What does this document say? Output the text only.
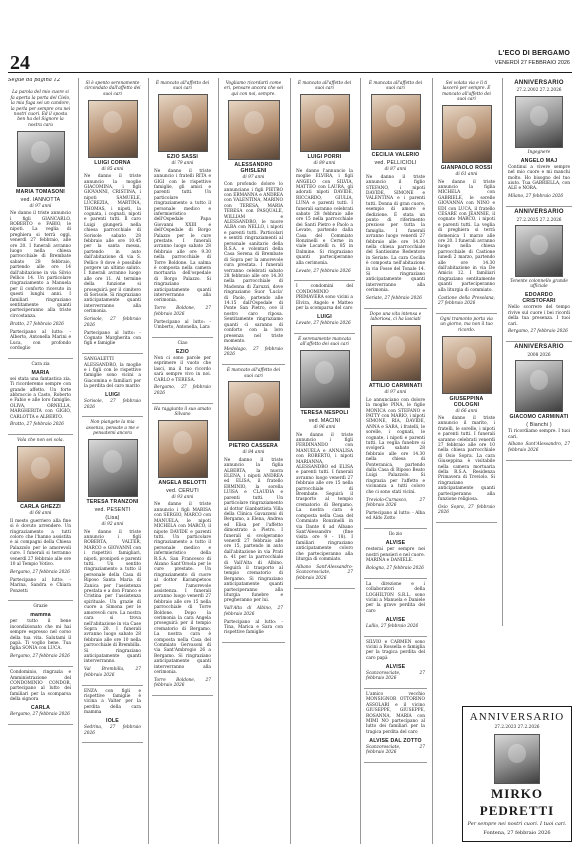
24	L'ECO DI BERGAMO
VENERDÌ 27 FEBBRAIO 2026
Segue da pagina 12

La parola del mio cuore si fa aperta la porta del Cielo, la mia fuga sei un candore, la perla per sempre ora nei nostri cuori. Ed il sposta ben ha del Signore la nostra cara

MARIA TOMASONI
ved. IANNOTTA
di 97 anni

Ne danno il triste annuncio i figli GIANCARLO, ROBERTO e FABIO, le nipoti. La veglia di preghiera si terrà oggi, venerdì 27 febbraio, alle ore 20. I funerali avranno luogo nella chiesa parrocchiale di Brembate sabato 28 febbraio, partendo alle ore 14 dall'abitazione in via Silvio Pellico 14. Un particolare ringraziamento a Manuela per il conforto ricevuto in questi lunghi anni. I familiari ringraziano sentitamente quanti parteciperanno alla triste circostanza.

Bratto, 27 febbraio 2026

Partecipano al lutto: - Alberto, Antonella Marini e Luca, con profondo cordoglio

Cara zia

MARIA

sei stata una fantastica zia. Ti ricorderemo sempre con grande affetto. Un forte abbraccio a Casto, Roberto e Fabio e alle loro famiglie. OLIVA, ORNELLA, MARGHERITA con GIGIO, CARLOTTA e ALBERTO.

Bratto, 27 febbraio 2026

Vola che non sei sola.

CARLA GHEZZI
di 68 anni

Il mesto guerriero alla fine si è dovuto arrendere. Un ringraziamento a tutti coloro che l'hanno assistita e ai compagni della Chiesa Palazzolo per le amorevoli cure. I funerali si terranno venerdì 27 febbraio alle ore 10 al Tempio Votivo.

Bergamo, 27 febbraio 2026

Partecipano al lutto: - Marina, Sandra e Chiara Ponzetti

Grazie

mamma

per tutto il bene incondizionato che mi hai sempre espresso nel corso della tua vita. Salutami il papà. Ti voglio bene. Tua figlia SONIA con LUCA.

Bergamo, 27 febbraio 2026

Condominio, ringrazia e Amministrazione del CONDOMINIO CONDOR, partecipano al lutto dei familiari per la scomparsa della signora

CARLA

Bergamo, 27 febbraio 2026

Si è spento serenamente circondato dall'affetto dei suoi cari

LUIGI CORNA
di 85 anni

Ne danno il triste annuncio la moglie GIACOMINA, i figli GIOVANNI, CRISTINA, i nipoti SAMUELE, LUCREZIA, MARTINA, THOMAS, i nipoti, la cognata, i cognati, nipoti e parenti tutti. Il caro Luigi giungerà nella chiesa parrocchiale di Sorisole sabato 28 febbraio alle ore 10.45 per la santa messa, partendo in auto dall'abitazione di via S. Pellico 8 dove è possibile porgere un ultimo saluto. I funerali avranno luogo alle ore 11. Al termine della funzione si proseguirà per il cimitero di Sorisole. Si ringraziano anticipatamente quanti interverranno alla cerimonia.

Sorisole, 27 febbraio 2026

Partecipano al lutto: - Cognato Margherita con figli e famiglie

SANGALETTI ALESSANDRO, la moglie e i figli con le rispettive famiglie sono vicini a Giacomina e familiari per la perdita del caro marito

LUIGI

Sorisole, 27 febbraio 2026

Non piangete la mia assenza, pensate a me e pensatemi ancora

TERESA TRANZONI
ved. PESENTI
(Lisa)
di 92 anni

Ne danno il triste annuncio i figli ROBERTA, VALTER, MARCO e GIOVANNI con i rispettivi famigliari, nipoti, pronipoti e parenti tutti. Un sentito ringraziamento a tutto il personale della Casa di Riposo Santa Maria di Zanica per l'assistenza prestata e a don Franco e Cristina per l'assistenza spirituale. Un grazie di cuore a Simona per le amorevoli cure. La nostra cara si trova nell'abitazione in via Case Sopra 20. I funerali avranno luogo sabato 28 febbraio alle ore 10 nella parrocchiale di Brembilla. Si ringraziano anticipatamente quanti interverranno.

Val Brembilla, 27 febbraio 2026

ENZA con figli e rispettive famiglie è vicina a Valter per la perdita della cara mamma

IOLE

Sedrina, 27 febbraio 2026

È mancato all'affetto dei suoi cari

EZIO SASSI
di 79 anni

Ne danno il triste annuncio i fratelli RITA e GIGI con le rispettive famiglie, gli amici e parenti tutti. Un particolare ringraziamento a tutto il personale medico e infermieristico dell'Ospedale Papa Giovanni XXIII e dell'Ospedale di Borgo Palazzo per le cure prestate. I funerali avranno luogo sabato 28 febbraio alle ore 9.30 nella parrocchiale di Torre Boldone. La salma è composta nella camera mortuaria dell'ospedale di Borgo Palazzo. Si ringraziano anticipatamente quanti interverranno alla cerimonia.

Torre Boldone, 27 febbraio 2026

Partecipano al lutto: - Umberto, Antonella, Lara

Ciao

EZIO

Non ci sono parole per esprimere il vuoto che lasci, ma il tuo ricordo sarà sempre vivo in noi. CARLO e TERESA.

Bergamo, 27 febbraio 2026

Ha raggiunto il suo amato Silvano

ANGELA BELOTTI
ved. CERUTI
di 93 anni

Ne danno il triste annuncio i figli MARISA con SERGIO, MARCO con MANUELA, le nipoti MICHELA con MARCO, il nipote DAVIDE e parenti tutti. Un particolare ringraziamento a tutto il personale medico e infermieristico della R.S.A. San Francesco di Alzano Sant'Orsola per le cure prestate. Un ringraziamento di cuore al dottor Karampetsos per l'amorevole assistenza. I funerali avranno luogo venerdì 27 febbraio alle ore 15 nella parrocchiale di Torre Boldone. Dopo la cerimonia la cara Angela proseguirà per il tempio crematorio di Bergamo. La nostra cara è composta nella Casa del Commiato Gervasoni di via Sant'Ambrogio 26 a Bergamo. Si ringraziano anticipatamente quanti interverranno alla cerimonia.

Torre Boldone, 27 febbraio 2026

Vogliamo ricordarti come eri, pensare ancora che sei qui con noi, sempre.

ALESSANDRO GHISLENI
di 97 anni

Con profondo dolore lo annunciano i figli PIETRO con ERMANNA e ANDREA con VALENTINA, MARINO con TERESA, MARIA TERESA con PASQUALE, WILLIAM e ALESSANDRO, le nuore ALBA con NELLO, i nipoti e parenti tutti. Particolari e sentiti ringraziamenti al personale sanitario della R.S.A. e volontari della Casa Serena di Brembate di Sopra per la amorevole cura prestata. I funerali verranno celebrati sabato 28 febbraio alle ore 14.30 nella parrocchiale di Madonna di Zaruzzi, dove ringraziamo Suor 'Lucia' di Paolo, partendo alle 14.15 dall'Ospedale di Ponte San Pietro, ove il nostro caro riposa. Sentitamente ringraziamo quanti ci saranno di conforto con la loro presenza nel triste momento.

Medolago, 27 febbraio 2026

È mancato all'affetto dei suoi cari

PIETRO CASSERA
di 84 anni

Ne danno il triste annuncio la figlia ALBERTA, la nuora ELENA, i nipoti ANDREA ed ELISA, il fratello ERMINIO, la sorella LUISA e CLAUDIA e parenti tutti. Un particolare ringraziamento al dottor Gianbattista Villa della Clinica Gavazzeni di Bergamo, a Elena, Andrea ed Elisa per l'affetto dimostrato a Pietro. I funerali si svolgeranno venerdì 27 febbraio alle ore 15, partendo in auto dall'abitazione in via Prati n. 41 per la parrocchiale di Vall'Alta di Albino. Seguirà il trasporto al tempio crematorio di Bergamo. Si ringraziano anticipatamente quanti parteciperanno alla liturgia funebre e pregheranno per lui.

Vall'Alta di Albino, 27 febbraio 2026

Partecipano al lutto: - Tina, Marica e Sara con rispettive famiglie

È mancato all'affetto dei suoi cari

LUIGI PORRI
di 89 anni

Ne danno l'annuncio la moglie ELVIRA, i figli ANGELO con SILVIA, MATTEO con LAURA, gli adorati nipoti DAVIDE, RICCARDO, GIULIA, LUNA e parenti tutti. I funerali saranno celebrati sabato 28 febbraio alle ore 15 nella parrocchiale dei Santi Pietro e Paolo a Levate, partendo dalla Casa del Commiato Ronzinelli e Cerne in viale Locatelli n. 85 in Dalmine. Si ringraziano quanti parteciperanno alla cerimonia.

Levate, 27 febbraio 2026

I condomini del CONDOMINIO PRIMAVERA sono vicini a Elvira, Angelo e Matteo per la scomparsa del caro

LUIGI

Levate, 27 febbraio 2026

È serenamente mancata all'affetto dei suoi cari

TERESA NESPOLI
ved. MACINI
di 96 anni

Ne danno il triste annuncio i figli FERDINANDO con MANUELA e ANNALISA con ROBERTO, i nipoti MARIANNA, ALESSANDRO ed ELISA e parenti tutti. I funerali avranno luogo venerdì 27 febbraio alle ore 15 nella parrocchiale di Brembate. Seguirà il trasporto al tempio crematorio di Bergamo. La nostra cara è composta nella Casa del Commiato Ronzinelli in via Dante 6 ad Albano Sant'Alessandro (fine visita ore 9 - 18). I familiari ringraziano anticipatamente coloro che parteciperanno alla liturgia di commiato.

Albano Sant'Alessandro-Scanzorosciate, 27 febbraio 2026

È mancata all'affetto dei suoi cari

CECILIA VALERIO
ved. PELLICIOLI
di 87 anni

Ne danno il triste annuncio il figlio STEFANO, i nipoti DAVIDE, SIMONE e VALENTINA e i parenti tutti. Donna di gran cuore, esempio di amore e dedizione. È stata un punto di riferimento prezioso per tutta la famiglia. I funerali avranno luogo venerdì 27 febbraio alle ore 14.30 nella chiesa parrocchiale del Santissimo Redentore in Seriate. La cara Cecilia è composta nell'abitazione in via Fosse del Tonale 14. Si ringraziano anticipatamente quanti interverranno alla cerimonia.

Seriate, 27 febbraio 2026

Dopo una vita intensa e laboriosa, ci ha lasciati

ATTILIO CARMINATI
di 97 anni

Lo annunciano con dolore la moglie PINA, le figlie MONICA con STEFANO e PATTY con MARIO, i nipoti SIMONE, RIA, DAVIDE, ANNA e SARA, i fratelli, le sorelle, i cognati, le cognate, i nipoti e parenti tutti. La veglia funebre si svolgerà sabato 28 febbraio alle ore 14.30 nella chiesa di Ponteranica, partendo dalla Casa di Riposo Beato Luigi Palazzolo. Si ringrazia per l'affetto e vicinanza a tutti coloro che ci sono stati vicini.

Treviolo-Curnasco, 27 febbraio 2026

Partecipano al lutto: - Alba ed Aldo Zotto

Ilo zio

ALVISE

resterai per sempre nei nostri pensieri e nel cuore. MARINA e DANIELE.

Bologna, 27 febbraio 2026

La direzione e i collaboratori della LOGHILTON S.R.L. sono vicini a Manuela e Daniele per la grave perdita del caro

ALVISE

Lallio, 27 febbraio 2026

SILVIO e CARMEN sono vicini a Rossella e famiglia per la tragica perdita del caro papà

ALVISE

Scanzorosciate, 27 febbraio 2026

L'amico vecchio MONSIGNOR OTTORINO ASSOLARI e il vicino GIUSEPPE, GIUSEPPE, ROSANNA, MARIA con MIMI NO partecipano al lutto dei familiari per la tragica perdita del caro

ALVISE DAL ZOTTO

Scanzorosciate, 27 febbraio 2026

Sei volata via e lì ti lascerò per sempre. È mancato all'affetto dei suoi cari

GIANPAOLO ROSSI
di 61 anni

Ne danno il triste annuncio la figlia MICHELA con GABRIELE, le sorelle GIOVANNA con NINO e EDI con LUCA, il fratello CESARE con JEANNIE, il cognato MARCO, i nipoti e parenti tutti. La veglia di preghiera si terrà domenica 1 marzo alle ore 20. I funerali avranno luogo nella chiesa parrocchiale di Castione lunedì 2 marzo, partendo alle ore 14.30 dall'abitazione in via De Amicis 12. I familiari ringraziano sentitamente quanti parteciperanno alla liturgia di commiato.

Castione della Presolana, 27 febbraio 2026

Ogni tramonto porta via un giorno, ma non il tuo ricordo.

GIUSEPPINA COLOGNI
di 66 anni

Ne danno il triste annuncio il marito, i fratelli, le sorelle, i nipoti e parenti tutti. I funerali saranno celebrati venerdì 27 febbraio alle ore 10 nella chiesa parrocchiale di Osio Sopra. La cara Giuseppina è visitabile nella camera mortuaria della R.S.A. Residenza Primavera di Treviolo. Si ringraziano anticipatamente quanti parteciperanno alla funzione religiosa.

Osio Sopra, 27 febbraio 2026

ANNIVERSARIO
27.2.2002 27.2.2026

Ingegnere

ANGELO MAJ

Continui a vivere sempre nel mio cuore e mi manchi molto. Ho bisogno del tuo aiuto. Tua GABRIELLA, con ALE e NORA.

Milano, 27 febbraio 2026

ANNIVERSARIO
27.2.2025 27.2.2026

Tenente colonnello grande ufficiale

EDOARDO CRISTOFARI

Nello scorrere del tempo rivive sul cuore i bei ricordi della tua presenza. I tuoi cari.

Bergamo, 27 febbraio 2026

ANNIVERSARIO
2008 2026
GIACOMO CARMINATI
( Bianchi )

Ti ricordiamo sempre. I tuoi cari.

Albano Sant'Alessandro, 27 febbraio 2026

ANNIVERSARIO
27.2.2023 27.2.2026
MIRKO
PEDRETTI
Per sempre nei nostri cuori. I tuoi cari.
Fontena, 27 febbraio 2026
